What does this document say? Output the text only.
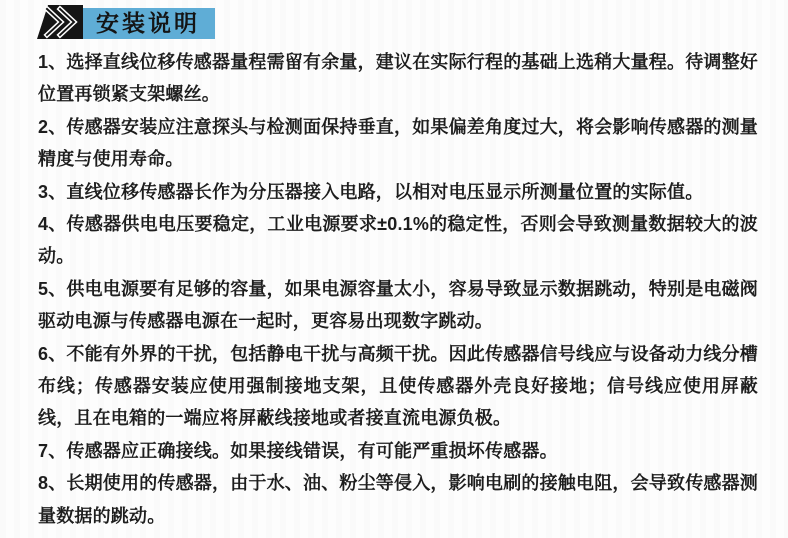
安装说明

1、选择直线位移传感器量程需留有余量，建议在实际行程的基础上选稍大量程。待调整好位置再锁紧支架螺丝。

2、传感器安装应注意探头与检测面保持垂直，如果偏差角度过大，将会影响传感器的测量精度与使用寿命。

3、直线位移传感器长作为分压器接入电路，以相对电压显示所测量位置的实际值。

4、传感器供电电压要稳定，工业电源要求±0.1%的稳定性，否则会导致测量数据较大的波动。

5、供电电源要有足够的容量，如果电源容量太小，容易导致显示数据跳动，特别是电磁阀驱动电源与传感器电源在一起时，更容易出现数字跳动。

6、不能有外界的干扰，包括静电干扰与高频干扰。因此传感器信号线应与设备动力线分槽布线；传感器安装应使用强制接地支架，且使传感器外壳良好接地；信号线应使用屏蔽线，且在电箱的一端应将屏蔽线接地或者接直流电源负极。

7、传感器应正确接线。如果接线错误，有可能严重损坏传感器。

8、长期使用的传感器，由于水、油、粉尘等侵入，影响电刷的接触电阻，会导致传感器测量数据的跳动。
